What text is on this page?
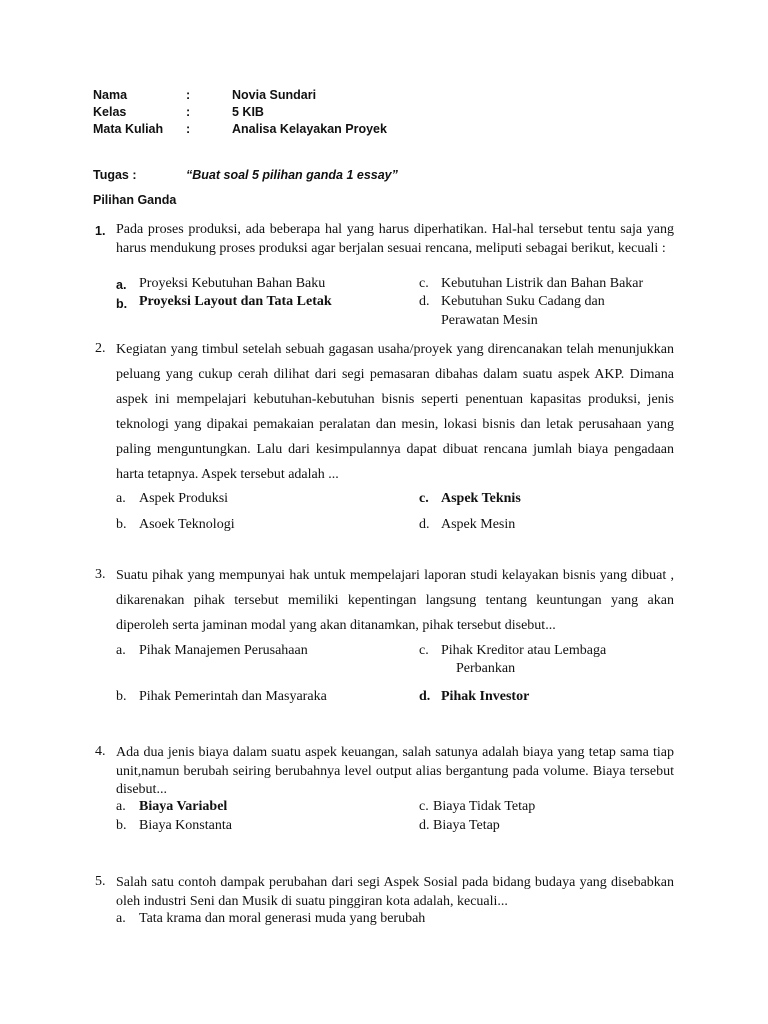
Nama	:	Novia Sundari
Kelas	:	5 KIB
Mata Kuliah :	Analisa Kelayakan Proyek
Tugas :	“Buat soal 5 pilihan ganda 1 essay”
Pilihan Ganda
1. Pada proses produksi, ada beberapa hal yang harus diperhatikan. Hal-hal tersebut tentu saja yang harus mendukung proses produksi agar berjalan sesuai rencana, meliputi sebagai berikut, kecuali :
a. Proyeksi Kebutuhan Bahan Baku
b. Proyeksi Layout dan Tata Letak
c. Kebutuhan Listrik dan Bahan Bakar
d. Kebutuhan Suku Cadang dan
Perawatan Mesin
2. Kegiatan yang timbul setelah sebuah gagasan usaha/proyek yang direncanakan telah menunjukkan peluang yang cukup cerah dilihat dari segi pemasaran dibahas dalam suatu aspek AKP. Dimana aspek ini mempelajari kebutuhan-kebutuhan bisnis seperti penentuan kapasitas produksi, jenis teknologi yang dipakai pemakaian peralatan dan mesin, lokasi bisnis dan letak perusahaan yang paling menguntungkan. Lalu dari kesimpulannya dapat dibuat rencana jumlah biaya pengadaan harta tetapnya. Aspek tersebut adalah ...
a. Aspek Produksi
b. Asoek Teknologi
c. Aspek Teknis
d. Aspek Mesin
3. Suatu pihak yang mempunyai hak untuk mempelajari laporan studi kelayakan bisnis yang dibuat , dikarenakan pihak tersebut memiliki kepentingan langsung tentang keuntungan yang akan diperoleh serta jaminan modal yang akan ditanamkan, pihak tersebut disebut...
a. Pihak Manajemen Perusahaan
b. Pihak Pemerintah dan Masyaraka
c. Pihak Kreditor atau Lembaga
Perbankan
d. Pihak Investor
4. Ada dua jenis biaya dalam suatu aspek keuangan, salah satunya adalah biaya yang tetap sama tiap unit,namun berubah seiring berubahnya level output alias bergantung pada volume. Biaya tersebut disebut...
a. Biaya Variabel
b. Biaya Konstanta
c. Biaya Tidak Tetap
d. Biaya Tetap
5. Salah satu contoh dampak perubahan dari segi Aspek Sosial pada bidang budaya yang disebabkan oleh industri Seni dan Musik di suatu pinggiran kota adalah, kecuali...
a. Tata krama dan moral generasi muda yang berubah
